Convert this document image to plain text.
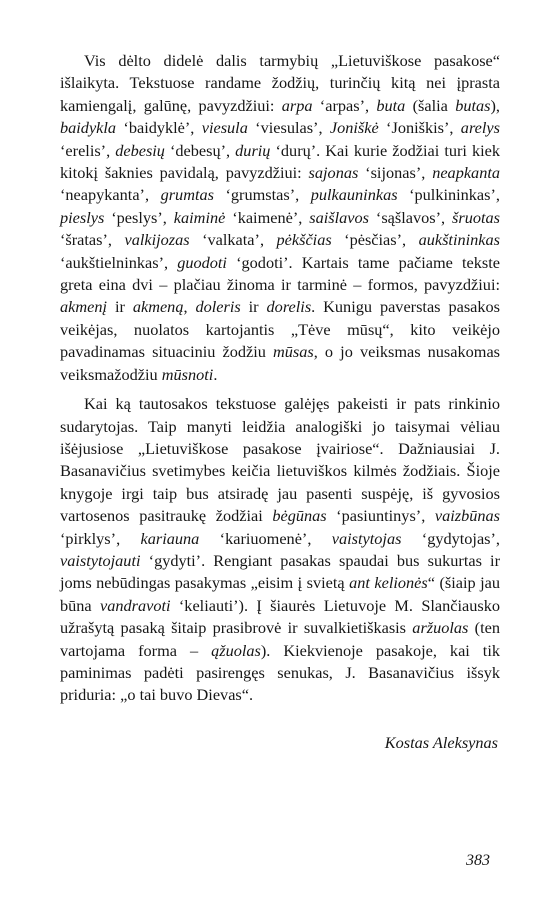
Vis dėlto didelė dalis tarmybių „Lietuviškose pasakose“ išlaikyta. Tekstuose randame žodžių, turinčių kitą nei įprasta kamiengalį, galūnę, pavyzdžiui: arpa ‘arpas’, buta (šalia butas), baidykla ‘baidyklė’, viesula ‘viesulas’, Joniškė ‘Joniškis’, arelys ‘erelis’, debesių ‘debesų’, durių ‘durų’. Kai kurie žodžiai turi kiek kitokį šaknies pavidalą, pavyzdžiui: sajonas ‘sijonas’, neapkanta ‘neapykanta’, grumtas ‘grumstas’, pulkauninkas ‘pulkininkas’, pieslys ‘peslys’, kaiminė ‘kaimenė’, saišlavos ‘sąšlavos’, šruotas ‘šratas’, valkijozas ‘valkata’, pėkščias ‘pėsčias’, aukštininkas ‘aukštielninkas’, guodoti ‘godoti’. Kartais tame pačiame tekste greta eina dvi – plačiau žinoma ir tarminė – formos, pavyzdžiui: akmenį ir akmeną, doleris ir dorelis. Kunigu paverstas pasakos veikėjas, nuolatos kartojantis „Tėve mūsų“, kito veikėjo pavadinamas situaciniu žodžiu mūsas, o jo veiksmas nusakomas veiksmažodžiu mūsnoti.

Kai ką tautosakos tekstuose galėjęs pakeisti ir pats rinkinio sudarytojas. Taip manyti leidžia analogiški jo taisymai vėliau išėjusiose „Lietuviškose pasakose įvairiose“. Dažniausiai J. Basanavičius svetimybes keičia lietuviškos kilmės žodžiais. Šioje knygoje irgi taip bus atsiradę jau pasenti suspėję, iš gyvosios vartosenos pasitraukę žodžiai bėgūnas ‘pasiuntinys’, vaizbūnas ‘pirklys’, kariauna ‘kariuomenė’, vaistytojas ‘gydytojas’, vaistytojauti ‘gydyti’. Rengiant pasakas spaudai bus sukurtas ir joms nebūdingas pasakymas „eisim į svietą ant kelionės“ (šiaip jau būna vandravoti ‘keliauti’). Į šiaurės Lietuvoje M. Slančiausko užrašytą pasaką šitaip prasibrovė ir suvalkietiškasis aržuolas (ten vartojama forma – ąžuolas). Kiekvienoje pasakoje, kai tik paminimas padėti pasirengęs senukas, J. Basanavičius išsyk priduria: „o tai buvo Dievas“.

Kostas Aleksynas
383
